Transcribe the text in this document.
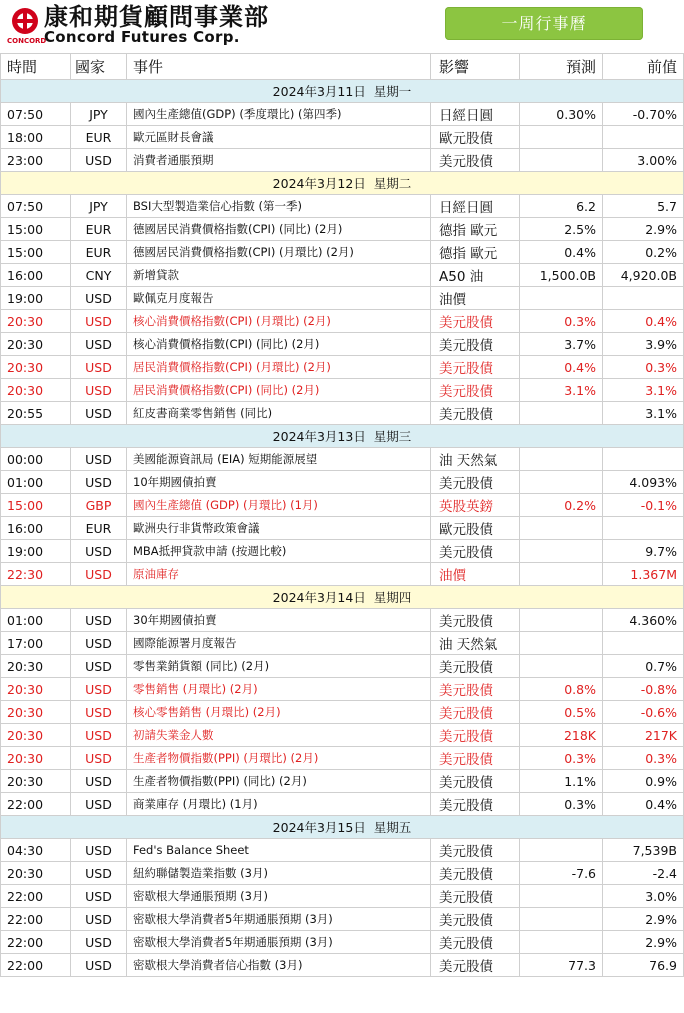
CONCORD
康和期貨顧問事業部
Concord Futures Corp.
一周行事曆
時間	國家	事件	影響	預測	前值
2024年3月11日 星期一					
07:50	JPY	國內生產總值(GDP) (季度環比) (第四季)	日經日圓	0.30%	-0.70%
18:00	EUR	歐元區財長會議	歐元股債		
23:00	USD	消費者通脹預期	美元股債		3.00%
2024年3月12日 星期二					
07:50	JPY	BSI大型製造業信心指數 (第一季)	日經日圓	6.2	5.7
15:00	EUR	德國居民消費價格指數(CPI) (同比) (2月)	德指 歐元	2.5%	2.9%
15:00	EUR	德國居民消費價格指數(CPI) (月環比) (2月)	德指 歐元	0.4%	0.2%
16:00	CNY	新增貸款	A50 油	1,500.0B	4,920.0B
19:00	USD	歐佩克月度報告	油價		
20:30	USD	核心消費價格指數(CPI) (月環比) (2月)	美元股債	0.3%	0.4%
20:30	USD	核心消費價格指數(CPI) (同比) (2月)	美元股債	3.7%	3.9%
20:30	USD	居民消費價格指數(CPI) (月環比) (2月)	美元股債	0.4%	0.3%
20:30	USD	居民消費價格指數(CPI) (同比) (2月)	美元股債	3.1%	3.1%
20:55	USD	紅皮書商業零售銷售 (同比)	美元股債		3.1%
2024年3月13日 星期三					
00:00	USD	美國能源資訊局 (EIA) 短期能源展望	油 天然氣		
01:00	USD	10年期國債拍賣	美元股債		4.093%
15:00	GBP	國內生產總值 (GDP) (月環比) (1月)	英股英鎊	0.2%	-0.1%
16:00	EUR	歐洲央行非貨幣政策會議	歐元股債		
19:00	USD	MBA抵押貸款申請 (按週比較)	美元股債		9.7%
22:30	USD	原油庫存	油價		1.367M
2024年3月14日 星期四					
01:00	USD	30年期國債拍賣	美元股債		4.360%
17:00	USD	國際能源署月度報告	油 天然氣		
20:30	USD	零售業銷貨額 (同比) (2月)	美元股債		0.7%
20:30	USD	零售銷售 (月環比) (2月)	美元股債	0.8%	-0.8%
20:30	USD	核心零售銷售 (月環比) (2月)	美元股債	0.5%	-0.6%
20:30	USD	初請失業金人數	美元股債	218K	217K
20:30	USD	生產者物價指數(PPI) (月環比) (2月)	美元股債	0.3%	0.3%
20:30	USD	生產者物價指數(PPI) (同比) (2月)	美元股債	1.1%	0.9%
22:00	USD	商業庫存 (月環比) (1月)	美元股債	0.3%	0.4%
2024年3月15日 星期五					
04:30	USD	Fed's Balance Sheet	美元股債		7,539B
20:30	USD	紐約聯儲製造業指數 (3月)	美元股債	-7.6	-2.4
22:00	USD	密歇根大學通脹預期 (3月)	美元股債		3.0%
22:00	USD	密歇根大學消費者5年期通脹預期 (3月)	美元股債		2.9%
22:00	USD	密歇根大學消費者5年期通脹預期 (3月)	美元股債		2.9%
22:00	USD	密歇根大學消費者信心指數 (3月)	美元股債	77.3	76.9
